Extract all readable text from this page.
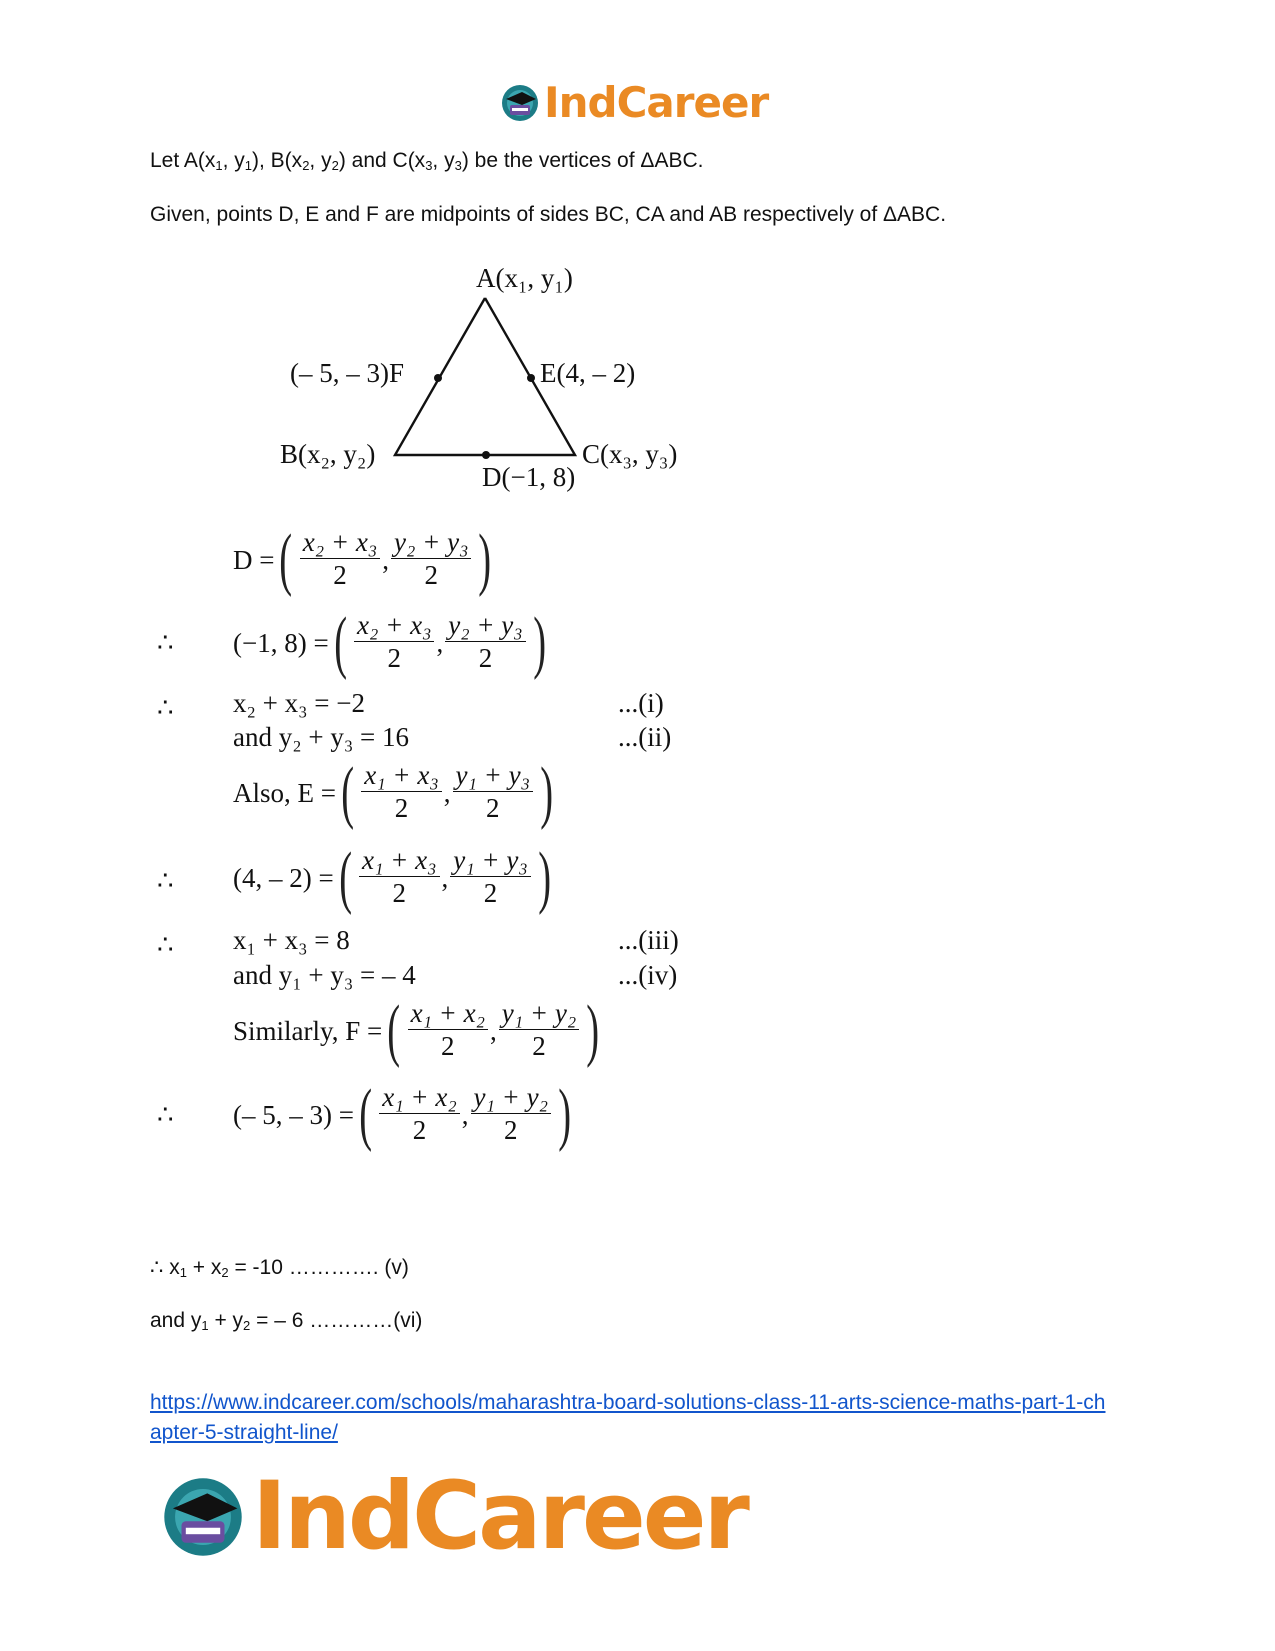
IndCareer
Let $A(x_1$, $y_1$), $B(x_2$, $y_2$) and $C(x_3$, $y_3$) be the vertices of ΔABC.
Given, points D, E and F are midpoints of sides BC, CA and AB respectively of ΔABC.
A(x₁, y₁)
(– 5, – 3)F	E(4, – 2)
B(x₂, y₂)	C(x₃, y₃)
D(−1, 8)
D = ( $\frac{\text{x₂ + x₃}}{2}$ , $\frac{\text{y₂ + y₃}}{2}$ )
∴ (−1, 8) = ( $\frac{\text{x₂ + x₃}}{2}$ , $\frac{\text{y₂ + y₃}}{2}$ )
∴ x₂ + x₃ = −2	...(i)
and y₂ + y₃ = 16	...(ii)
Also, E = ( $\frac{\text{x₁ + x₃}}{2}$ , $\frac{\text{y₁ + y₃}}{2}$ )
∴ (4, – 2) = ( $\frac{\text{x₁ + x₃}}{2}$ , $\frac{\text{y₁ + y₃}}{2}$ )
∴ x₁ + x₃ = 8	...(iii)
and y₁ + y₃ = – 4	...(iv)
Similarly, F = ( $\frac{\text{x₁ + x₂}}{2}$ , $\frac{\text{y₁ + y₂}}{2}$ )
∴ (– 5, – 3) = ( $\frac{\text{x₁ + x₂}}{2}$ , $\frac{\text{y₁ + y₂}}{2}$ )
∴ $x_1 + x_2 = -10$ …………. (v)
and $y_1 + y_2$ = – 6 …………(vi)
https://www.indcareer.com/schools/maharashtra-board-solutions-class-11-arts-science-maths-part-1-chapter-5-straight-line/
IndCareer
